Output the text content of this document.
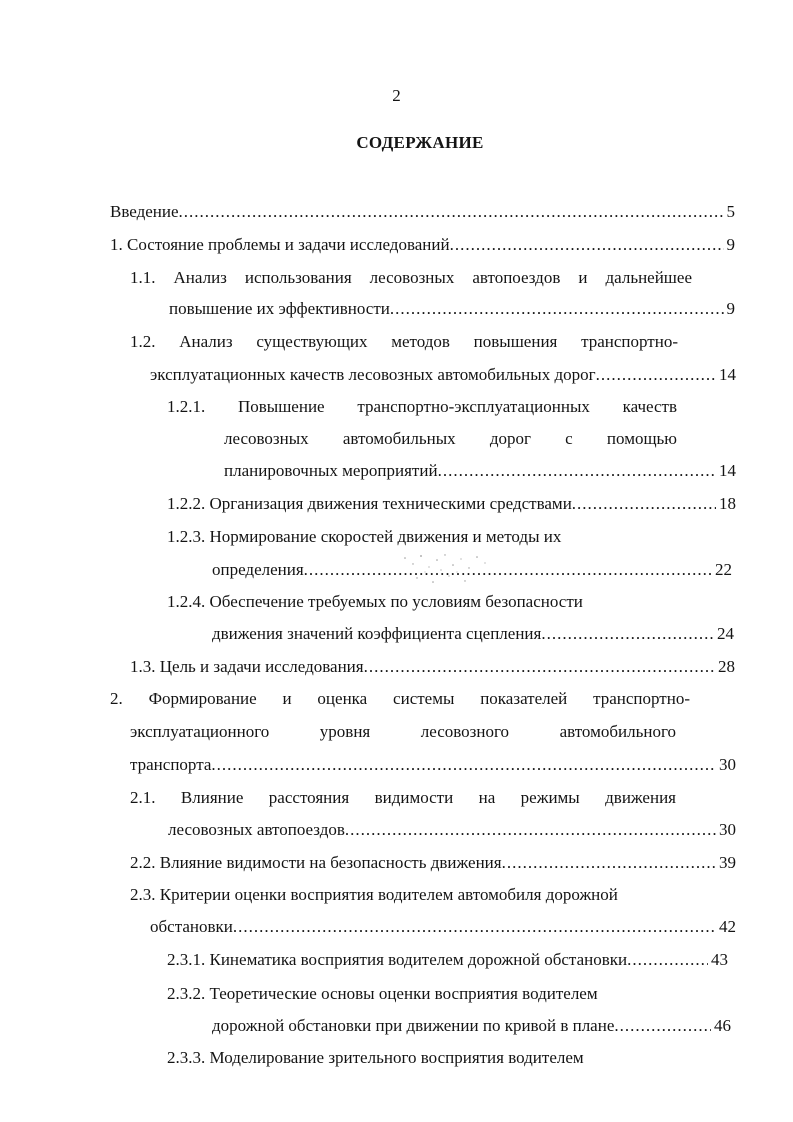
2
СОДЕРЖАНИЕ
Введение .....	5
1. Состояние проблемы и задачи исследований .....	9
1.1. Анализ использования лесовозных автопоездов и дальнейшее
повышение их эффективности .....	9
1.2. Анализ существующих методов повышения транспортно-
эксплуатационных качеств лесовозных автомобильных дорог .....	14
1.2.1. Повышение транспортно-эксплуатационных качеств
лесовозных автомобильных дорог с помощью
планировочных мероприятий .....	14
1.2.2. Организация движения техническими средствами .....	18
1.2.3. Нормирование скоростей движения и методы их
определения .....	22
1.2.4. Обеспечение требуемых по условиям безопасности
движения значений коэффициента сцепления .....	24
1.3. Цель и задачи исследования .....	28
2. Формирование и оценка системы показателей транспортно-
эксплуатационного уровня лесовозного автомобильного
транспорта .....	30
2.1. Влияние расстояния видимости на режимы движения
лесовозных автопоездов .....	30
2.2. Влияние видимости на безопасность движения .....	39
2.3. Критерии оценки восприятия водителем автомобиля дорожной
обстановки .....	42
2.3.1. Кинематика восприятия водителем дорожной обстановки .....	43
2.3.2. Теоретические основы оценки восприятия водителем
дорожной обстановки при движении по кривой в плане .....	46
2.3.3. Моделирование зрительного восприятия водителем
